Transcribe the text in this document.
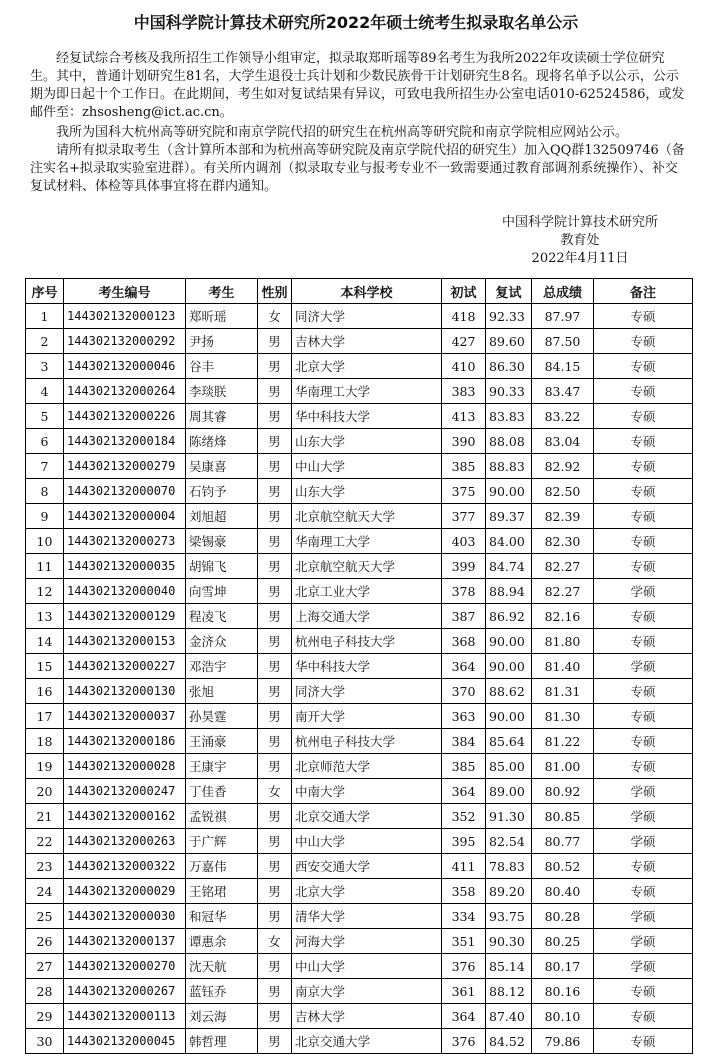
中国科学院计算技术研究所2022年硕士统考生拟录取名单公示

经复试综合考核及我所招生工作领导小组审定，拟录取郑昕瑶等89名考生为我所2022年攻读硕士学位研究生。其中，普通计划研究生81名，大学生退役士兵计划和少数民族骨干计划研究生8名。现将名单予以公示，公示期为即日起十个工作日。在此期间，考生如对复试结果有异议，可致电我所招生办公室电话010-62524586，或发邮件至：zhsosheng@ict.ac.cn。

我所为国科大杭州高等研究院和南京学院代招的研究生在杭州高等研究院和南京学院相应网站公示。

请所有拟录取考生（含计算所本部和为杭州高等研究院及南京学院代招的研究生）加入QQ群132509746（备注实名+拟录取实验室进群）。有关所内调剂（拟录取专业与报考专业不一致需要通过教育部调剂系统操作）、补交复试材料、体检等具体事宜将在群内通知。

中国科学院计算技术研究所
教育处
2022年4月11日
序号	考生编号	考生	性别	本科学校	初试	复试	总成绩	备注
1	144302132000123	郑昕瑶	女	同济大学	418	92.33	87.97	专硕
2	144302132000292	尹扬	男	吉林大学	427	89.60	87.50	专硕
3	144302132000046	谷丰	男	北京大学	410	86.30	84.15	专硕
4	144302132000264	李琰朕	男	华南理工大学	383	90.33	83.47	专硕
5	144302132000226	周其睿	男	华中科技大学	413	83.83	83.22	专硕
6	144302132000184	陈绪烽	男	山东大学	390	88.08	83.04	专硕
7	144302132000279	吴康喜	男	中山大学	385	88.83	82.92	专硕
8	144302132000070	石钧予	男	山东大学	375	90.00	82.50	专硕
9	144302132000004	刘旭超	男	北京航空航天大学	377	89.37	82.39	专硕
10	144302132000273	梁锡豪	男	华南理工大学	403	84.00	82.30	专硕
11	144302132000035	胡锦飞	男	北京航空航天大学	399	84.74	82.27	专硕
12	144302132000040	向雪坤	男	北京工业大学	378	88.94	82.27	学硕
13	144302132000129	程凌飞	男	上海交通大学	387	86.92	82.16	专硕
14	144302132000153	金济众	男	杭州电子科技大学	368	90.00	81.80	专硕
15	144302132000227	邓浩宇	男	华中科技大学	364	90.00	81.40	学硕
16	144302132000130	张旭	男	同济大学	370	88.62	81.31	专硕
17	144302132000037	孙昊霆	男	南开大学	363	90.00	81.30	专硕
18	144302132000186	王涌豪	男	杭州电子科技大学	384	85.64	81.22	专硕
19	144302132000028	王康宇	男	北京师范大学	385	85.00	81.00	专硕
20	144302132000247	丁佳香	女	中南大学	364	89.00	80.92	学硕
21	144302132000162	孟锐祺	男	北京交通大学	352	91.30	80.85	学硕
22	144302132000263	于广辉	男	中山大学	395	82.54	80.77	学硕
23	144302132000322	万嘉伟	男	西安交通大学	411	78.83	80.52	专硕
24	144302132000029	王铭珺	男	北京大学	358	89.20	80.40	专硕
25	144302132000030	和冠华	男	清华大学	334	93.75	80.28	学硕
26	144302132000137	谭惠余	女	河海大学	351	90.30	80.25	学硕
27	144302132000270	沈天航	男	中山大学	376	85.14	80.17	学硕
28	144302132000267	蓝钰乔	男	南京大学	361	88.12	80.16	专硕
29	144302132000113	刘云海	男	吉林大学	364	87.40	80.10	专硕
30	144302132000045	韩哲理	男	北京交通大学	376	84.52	79.86	专硕
